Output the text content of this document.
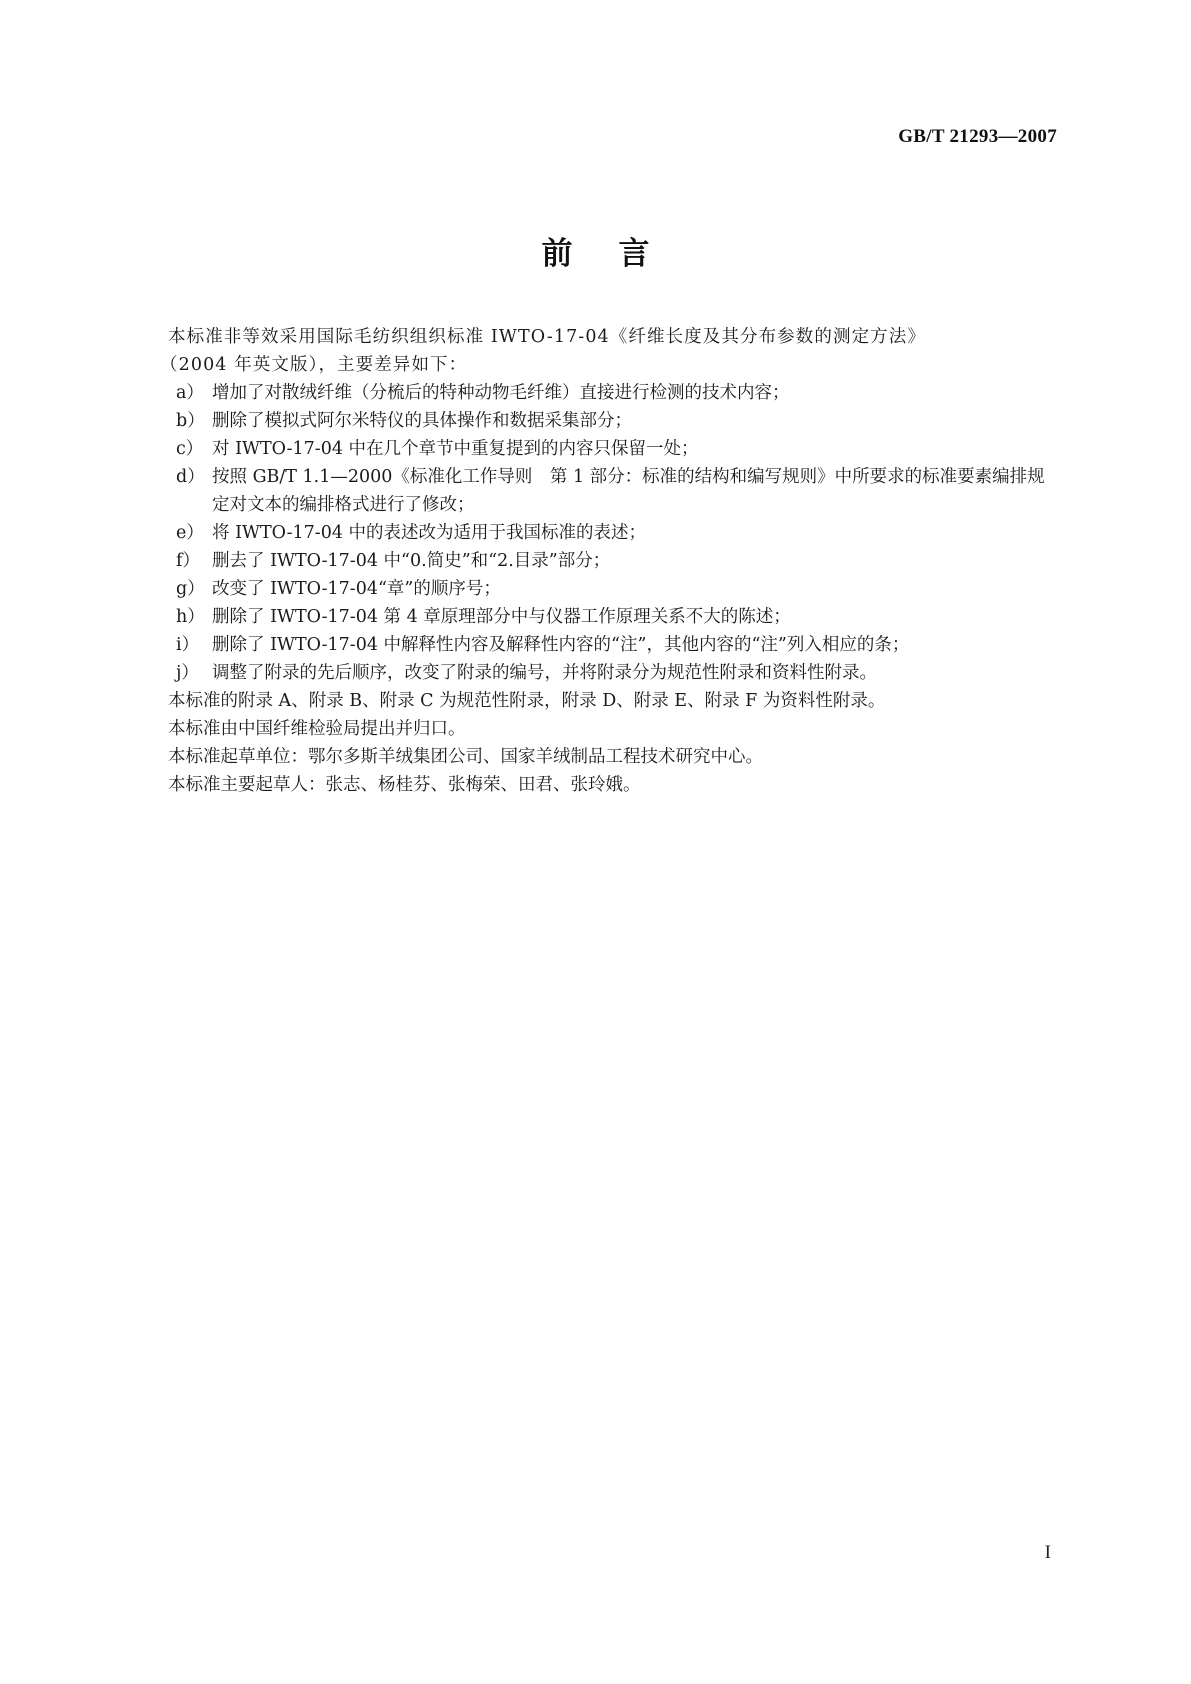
GB/T 21293—2007
前言

本标准非等效采用国际毛纺织组织标准 IWTO-17-04《纤维长度及其分布参数的测定方法》
（2004 年英文版），主要差异如下：

a） 增加了对散绒纤维（分梳后的特种动物毛纤维）直接进行检测的技术内容；
b） 删除了模拟式阿尔米特仪的具体操作和数据采集部分；
c） 对 IWTO-17-04 中在几个章节中重复提到的内容只保留一处；
d） 按照 GB/T 1.1—2000《标准化工作导则　第 1 部分：标准的结构和编写规则》中所要求的标准要素编排规定对文本的编排格式进行了修改；
e） 将 IWTO-17-04 中的表述改为适用于我国标准的表述；
f） 删去了 IWTO-17-04 中“0.简史”和“2.目录”部分；
g） 改变了 IWTO-17-04“章”的顺序号；
h） 删除了 IWTO-17-04 第 4 章原理部分中与仪器工作原理关系不大的陈述；
i） 删除了 IWTO-17-04 中解释性内容及解释性内容的“注”，其他内容的“注”列入相应的条；
j） 调整了附录的先后顺序，改变了附录的编号，并将附录分为规范性附录和资料性附录。

本标准的附录 A、附录 B、附录 C 为规范性附录，附录 D、附录 E、附录 F 为资料性附录。

本标准由中国纤维检验局提出并归口。

本标准起草单位：鄂尔多斯羊绒集团公司、国家羊绒制品工程技术研究中心。

本标准主要起草人：张志、杨桂芬、张梅荣、田君、张玲娥。

I
